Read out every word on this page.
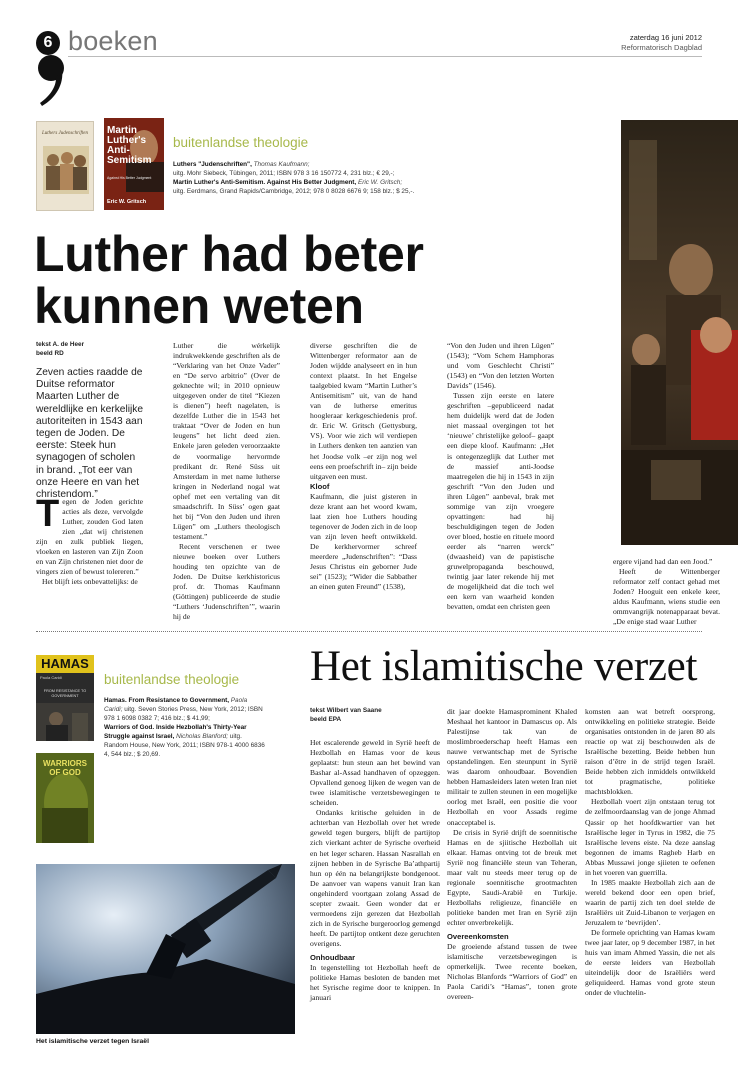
6 boeken	zaterdag 16 juni 2012
Reformatorisch Dagblad
Luthers Judenschriften Martin
Luther's
Anti-
Semitism
Against His Better Judgment
Eric W. Gritsch
buitenlandse theologie
Luthers "Judenschriften", Thomas Kaufmann;
uitg. Mohr Siebeck, Tübingen, 2011; ISBN 978 3 16 150772 4, 231 blz.; € 29,-;
Martin Luther's Anti-Semitism. Against His Better Judgment, Eric W. Gritsch;
uitg. Eerdmans, Grand Rapids/Cambridge, 2012; 978 0 8028 6676 9; 158 blz.; $ 25,-.
Luther had beter
kunnen weten
tekst A. de Heer
beeld RD
Zeven acties raadde de Duitse reformator Maarten Luther de wereldlijke en kerkelijke autoriteiten in 1543 aan tegen de Joden. De eerste: Steek hun synagogen of scholen in brand. „Tot eer van onze Heere en van het christendom.”

Tegen de Joden gerichte acties als deze, vervolgde Luther, zouden God laten zien „dat wij christenen zijn en zulk publiek liegen, vloeken en lasteren van Zijn Zoon en van Zijn christenen niet door de vingers zien of bewust tolereren.”

Het blijft iets onbevattelijks: de

Luther die wérkelijk indrukwekkende geschriften als de “Verklaring van het Onze Vader” en “De servo arbitrio” (Over de geknechte wil; in 2010 opnieuw uitgegeven onder de titel “Kiezen is dienen”) heeft nagelaten, is dezelfde Luther die in 1543 het traktaat “Over de Joden en hun leugens” het licht deed zien. Enkele jaren geleden veroorzaakte de voormalige hervormde predikant dr. René Süss uit Amsterdam in met name lutherse kringen in Nederland nogal wat ophef met een vertaling van dit smaadschrift. In Süss’ ogen gaat het bij “Von den Juden und ihren Lügen” om „Luthers theologisch testament.”

Recent verschenen er twee nieuwe boeken over Luthers houding ten opzichte van de Joden. De Duitse kerkhistoricus prof. dr. Thomas Kaufmann (Göttingen) publiceerde de studie “Luthers ‘Judenschriften’”, waarin hij de

diverse geschriften die de Wittenberger reformator aan de Joden wijdde analyseert en in hun context plaatst. In het Engelse taalgebied kwam “Martin Luther’s Antisemitism” uit, van de hand van de lutherse emeritus hoogleraar kerkgeschiedenis prof. dr. Eric W. Gritsch (Gettysburg, VS). Voor wie zich wil verdiepen in Luthers denken ten aanzien van het Joodse volk –er zijn nog wel eens een proefschrift in– zijn beide uitgaven een must.

Kloof

Kaufmann, die juist gisteren in deze krant aan het woord kwam, laat zien hoe Luthers houding tegenover de Joden zich in de loop van zijn leven heeft ontwikkeld. De kerkhervormer schreef meerdere „Judenschriften”: “Dass Jesus Christus ein geborner Jude sei” (1523); “Wider die Sabbather an einen guten Freund” (1538),

“Von den Juden und ihren Lügen” (1543); “Vom Schem Hamphoras und vom Geschlecht Christi” (1543) en “Von den letzten Worten Davids” (1546).

Tussen zijn eerste en latere geschriften –gepubliceerd nadat hem duidelijk werd dat de Joden niet massaal overgingen tot het ‘nieuwe’ christelijke geloof– gaapt een diepe kloof. Kaufmann: „Het is ontegenzeglijk dat Luther met de massief anti-Joodse maatregelen die hij in 1543 in zijn geschrift “Von den Juden und ihren Lügen” aanbeval, brak met sommige van zijn vroegere opvattingen: had hij beschuldigingen tegen de Joden over bloed, hostie en rituele moord eerder als “narren werck” (dwaasheid) van de papistische gruwelpropaganda beschouwd, twintig jaar later rekende hij met de mogelijkheid dat die toch wel een kern van waarheid konden bevatten, omdat een christen geen

ergere vijand had dan een Jood.”

Heeft de Wittenberger reformator zelf contact gehad met Joden? Hooguit een enkele keer, aldus Kaufmann, wiens studie een ommvangrijk notenapparaat bevat. „De enige stad waar Luther

HAMAS
FROM RESISTANCE TO GOVERNMENT
Paola Caridi
WARRIORS OF GOD
buitenlandse theologie
Hamas. From Resistance to Government, Paola Caridi; uitg. Seven Stories Press, New York, 2012; ISBN 978 1 6098 0382 7; 416 blz.; $ 41,99;
Warriors of God. Inside Hezbollah's Thirty-Year Struggle against Israel, Nicholas Blanford; uitg. Random House, New York, 2011; ISBN 978-1 4000 6836 4, 544 blz.; $ 20,69.
Het islamitische verzet
Het islamitische verzet tegen Israël
tekst Wilbert van Saane
beeld EPA

Het escalerende geweld in Syrië heeft de Hezbollah en Hamas voor de keus geplaatst: hun steun aan het bewind van Bashar al-Assad handhaven of opzeggen. Opvallend genoeg lijken de wegen van de twee islamitische verzetsbewegingen te scheiden.

Ondanks kritische geluiden in de achterban van Hezbollah over het wrede geweld tegen burgers, blijft de partijtop zich vierkant achter de Syrische overheid en het leger scharen. Hassan Nasrallah en zijnen hebben in de Syrische Ba’athpartij hun op één na belangrijkste bondgenoot. De aanvoer van wapens vanuit Iran kan ongehinderd voortgaan zolang Assad de scepter zwaait. Geen wonder dat er vermoedens zijn gerezen dat Hezbollah zich in de Syrische burgeroorlog gemengd heeft. De partijtop ontkent deze geruchten overigens.

Onhoudbaar

In tegenstelling tot Hezbollah heeft de politieke Hamas besloten de banden met het Syrische regime door te knippen. In januari

dit jaar doekte Hamasprominent Khaled Meshaal het kantoor in Damascus op. Als Palestijnse tak van de moslimbroederschap heeft Hamas een nauwe verwantschap met de Syrische opstandelingen. Een steunpunt in Syrië was daarom onhoudbaar. Bovendien hebben Hamasleiders laten weten Iran niet militair te zullen steunen in een mogelijke oorlog met Israël, een positie die voor Hezbollah en voor Assads regime onacceptabel is.

De crisis in Syrië drijft de soennitische Hamas en de sjiitische Hezbollah uit elkaar. Hamas ontving tot de breuk met Syrië nog financiële steun van Teheran, maar valt nu steeds meer terug op de regionale soennitische grootmachten Egypte, Saudi-Arabië en Turkije. Hezbollahs religieuze, financiële en politieke banden met Iran en Syrië zijn echter onverbrekelijk.

Overeenkomsten

De groeiende afstand tussen de twee islamitische verzetsbewegingen is opmerkelijk. Twee recente boeken, Nicholas Blanfords “Warriors of God” en Paola Caridi’s “Hamas”, tonen grote overeen-

komsten aan wat betreft oorsprong, ontwikkeling en politieke strategie. Beide organisaties ontstonden in de jaren 80 als reactie op wat zij beschouwden als de Israëlische bezetting. Beide hebben hun raison d’être in de strijd tegen Israël. Beide hebben zich inmiddels ontwikkeld tot pragmatische, politieke machtsblokken.

Hezbollah voert zijn ontstaan terug tot de zelfmoordaanslag van de jonge Ahmad Qassir op het hoofdkwartier van het Israëlische leger in Tyrus in 1982, die 75 Israëlische levens eiste. Na deze aanslag begonnen de imams Ragheb Harb en Abbas Mussawi jonge sjiieten te oefenen in het voeren van guerrilla.

In 1985 maakte Hezbollah zich aan de wereld bekend door een open brief, waarin de partij zich ten doel stelde de Israëliërs uit Zuid-Libanon te verjagen en Jeruzalem te ‘bevrijden’.

De formele oprichting van Hamas kwam twee jaar later, op 9 december 1987, in het huis van imam Ahmed Yassin, die net als de eerste leiders van Hezbollah uiteindelijk door de Israëliërs werd geliquideerd. Hamas vond grote steun onder de vluchtelin-
